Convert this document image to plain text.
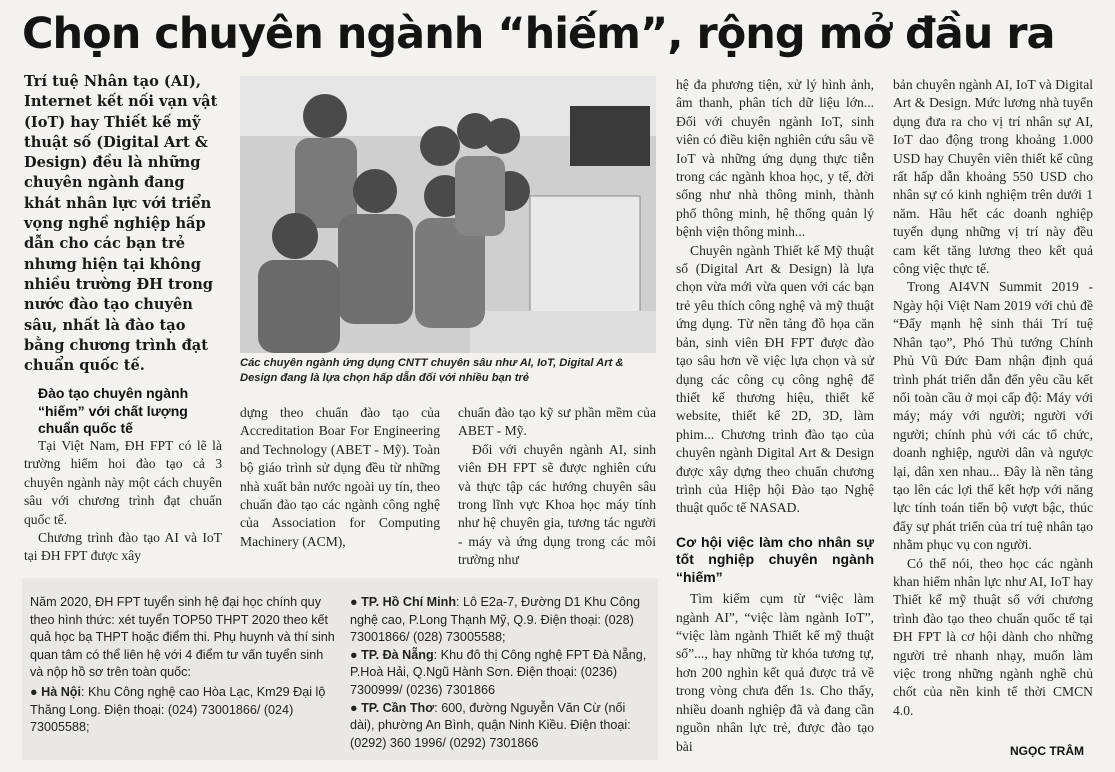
Chọn chuyên ngành “hiếm”, rộng mở đầu ra
Trí tuệ Nhân tạo (AI), Internet kết nối vạn vật (IoT) hay Thiết kế mỹ thuật số (Digital Art & Design) đều là những chuyên ngành đang khát nhân lực với triển vọng nghề nghiệp hấp dẫn cho các bạn trẻ nhưng hiện tại không nhiều trường ĐH trong nước đào tạo chuyên sâu, nhất là đào tạo bằng chương trình đạt chuẩn quốc tế.	Các chuyên ngành ứng dụng CNTT chuyên sâu như AI, IoT, Digital Art & Design đang là lựa chọn hấp dẫn đối với nhiều bạn trẻ
Đào tạo chuyên ngành “hiếm” với chất lượng chuẩn quốc tế

Tại Việt Nam, ĐH FPT có lẽ là trường hiếm hoi đào tạo cả 3 chuyên ngành này một cách chuyên sâu với chương trình đạt chuẩn quốc tế.

Chương trình đào tạo AI và IoT tại ĐH FPT được xây

dựng theo chuẩn đào tạo của Accreditation Boar For Engineering and Technology (ABET - Mỹ). Toàn bộ giáo trình sử dụng đều từ những nhà xuất bản nước ngoài uy tín, theo chuẩn đào tạo các ngành công nghệ của Association for Computing Machinery (ACM),

chuẩn đào tạo kỹ sư phần mềm của ABET - Mỹ.

Đối với chuyên ngành AI, sinh viên ĐH FPT sẽ được nghiên cứu và thực tập các hướng chuyên sâu trong lĩnh vực Khoa học máy tính như hệ chuyên gia, tương tác người - máy và ứng dụng trong các môi trường như

hệ đa phương tiện, xử lý hình ảnh, âm thanh, phân tích dữ liệu lớn... Đối với chuyên ngành IoT, sinh viên có điều kiện nghiên cứu sâu về IoT và những ứng dụng thực tiễn trong các ngành khoa học, y tế, đời sống như nhà thông minh, thành phố thông minh, hệ thống quản lý bệnh viện thông minh...

Chuyên ngành Thiết kế Mỹ thuật số (Digital Art & Design) là lựa chọn vừa mới vừa quen với các bạn trẻ yêu thích công nghệ và mỹ thuật ứng dụng. Từ nền tảng đồ họa căn bản, sinh viên ĐH FPT được đào tạo sâu hơn về việc lựa chọn và sử dụng các công cụ công nghệ để thiết kế thương hiệu, thiết kế website, thiết kế 2D, 3D, làm phim... Chương trình đào tạo của chuyên ngành Digital Art & Design được xây dựng theo chuẩn chương trình của Hiệp hội Đào tạo Nghệ thuật quốc tế NASAD.

Cơ hội việc làm cho nhân sự tốt nghiệp chuyên ngành “hiếm”

Tìm kiếm cụm từ “việc làm ngành AI”, “việc làm ngành IoT”, “việc làm ngành Thiết kế mỹ thuật số”..., hay những từ khóa tương tự, hơn 200 nghìn kết quả được trả về trong vòng chưa đến 1s. Cho thấy, nhiều doanh nghiệp đã và đang cần nguồn nhân lực trẻ, được đào tạo bài

bản chuyên ngành AI, IoT và Digital Art & Design. Mức lương nhà tuyển dụng đưa ra cho vị trí nhân sự AI, IoT dao động trong khoảng 1.000 USD hay Chuyên viên thiết kế cũng rất hấp dẫn khoảng 550 USD cho nhân sự có kinh nghiệm trên dưới 1 năm. Hầu hết các doanh nghiệp tuyển dụng những vị trí này đều cam kết tăng lương theo kết quả công việc thực tế.

Trong AI4VN Summit 2019 - Ngày hội Việt Nam 2019 với chủ đề “Đẩy mạnh hệ sinh thái Trí tuệ Nhân tạo”, Phó Thủ tướng Chính Phủ Vũ Đức Đam nhận định quá trình phát triển dẫn đến yêu cầu kết nối toàn cầu ở mọi cấp độ: Máy với máy; máy với người; người với người; chính phủ với các tổ chức, doanh nghiệp, người dân và ngược lại, dân xen nhau... Đây là nền tảng tạo lên các lợi thế kết hợp với năng lực tính toán tiến bộ vượt bậc, thúc đẩy sự phát triển của trí tuệ nhân tạo nhằm phục vụ con người.

Có thể nói, theo học các ngành khan hiếm nhân lực như AI, IoT hay Thiết kế mỹ thuật số với chương trình đào tạo theo chuẩn quốc tế tại ĐH FPT là cơ hội dành cho những người trẻ nhanh nhạy, muốn làm việc trong những ngành nghề chủ chốt của nền kinh tế thời CMCN 4.0.

NGỌC TRÂM
Năm 2020, ĐH FPT tuyển sinh hệ đại học chính quy theo hình thức: xét tuyển TOP50 THPT 2020 theo kết quả học bạ THPT hoặc điểm thi. Phụ huynh và thí sinh quan tâm có thể liên hệ với 4 điểm tư vấn tuyển sinh và nộp hồ sơ trên toàn quốc:
● Hà Nội: Khu Công nghệ cao Hòa Lạc, Km29 Đại lộ Thăng Long. Điện thoại: (024) 73001866/ (024) 73005588;
● TP. Hồ Chí Minh: Lô E2a-7, Đường D1 Khu Công nghệ cao, P.Long Thạnh Mỹ, Q.9. Điện thoại: (028) 73001866/ (028) 73005588;
● TP. Đà Nẵng: Khu đô thị Công nghệ FPT Đà Nẵng, P.Hoà Hải, Q.Ngũ Hành Sơn. Điện thoại: (0236) 7300999/ (0236) 7301866
● TP. Cần Thơ: 600, đường Nguyễn Văn Cừ (nối dài), phường An Bình, quận Ninh Kiều. Điện thoại: (0292) 360 1996/ (0292) 7301866
